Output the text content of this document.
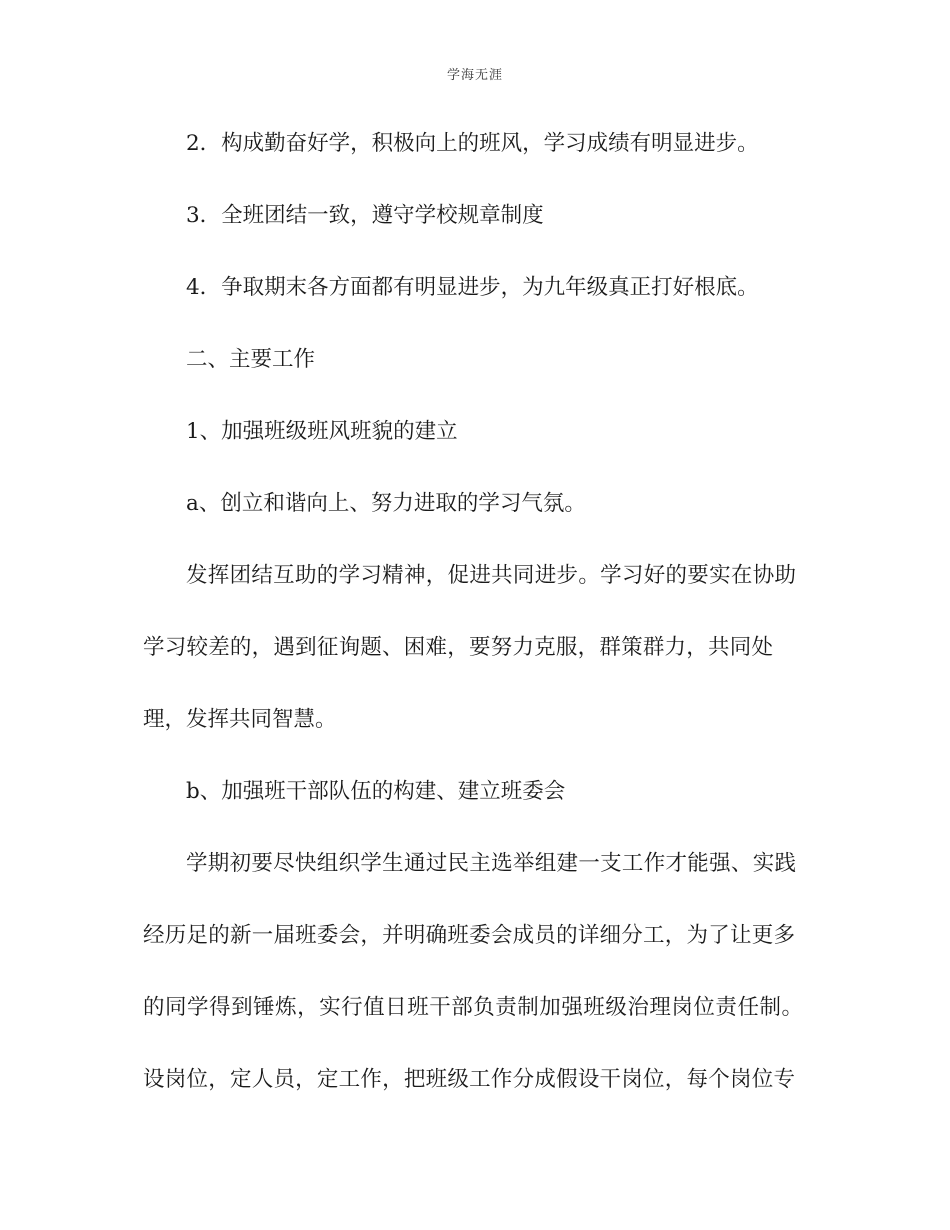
学海无涯
2．构成勤奋好学，积极向上的班风，学习成绩有明显进步。
3．全班团结一致，遵守学校规章制度
4．争取期末各方面都有明显进步，为九年级真正打好根底。
二、主要工作
1、加强班级班风班貌的建立
a、创立和谐向上、努力进取的学习气氛。
发挥团结互助的学习精神，促进共同进步。学习好的要实在协助
学习较差的，遇到征询题、困难，要努力克服，群策群力，共同处
理，发挥共同智慧。
b、加强班干部队伍的构建、建立班委会
学期初要尽快组织学生通过民主选举组建一支工作才能强、实践
经历足的新一届班委会，并明确班委会成员的详细分工，为了让更多
的同学得到锤炼，实行值日班干部负责制加强班级治理岗位责任制。
设岗位，定人员，定工作，把班级工作分成假设干岗位，每个岗位专
